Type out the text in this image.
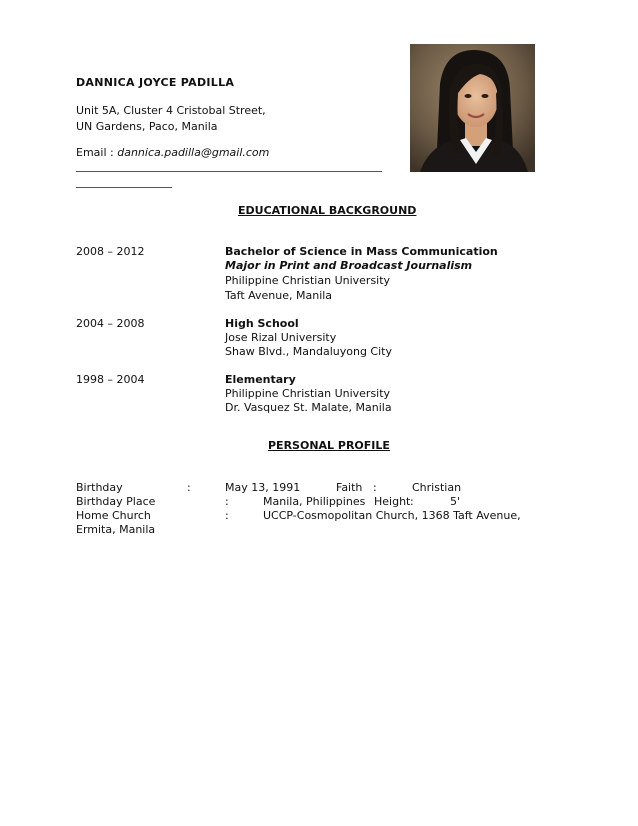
DANNICA JOYCE PADILLA
Unit 5A, Cluster 4 Cristobal Street,
UN Gardens, Paco, Manila
Email : dannica.padilla@gmail.com
EDUCATIONAL BACKGROUND
2008 – 2012	Bachelor of Science in Mass Communication
Major in Print and Broadcast Journalism
Philippine Christian University
Taft Avenue, Manila
2004 – 2008	High School
Jose Rizal University
Shaw Blvd., Mandaluyong City
1998 – 2004	Elementary
Philippine Christian University
Dr. Vasquez St. Malate, Manila
PERSONAL PROFILE
Birthday	:	May 13, 1991	Faith :	Christian
Birthday Place	:	Manila, Philippines Height :	5'
Home Church	:	UCCP-Cosmopolitan Church, 1368 Taft Avenue,
Ermita, Manila
